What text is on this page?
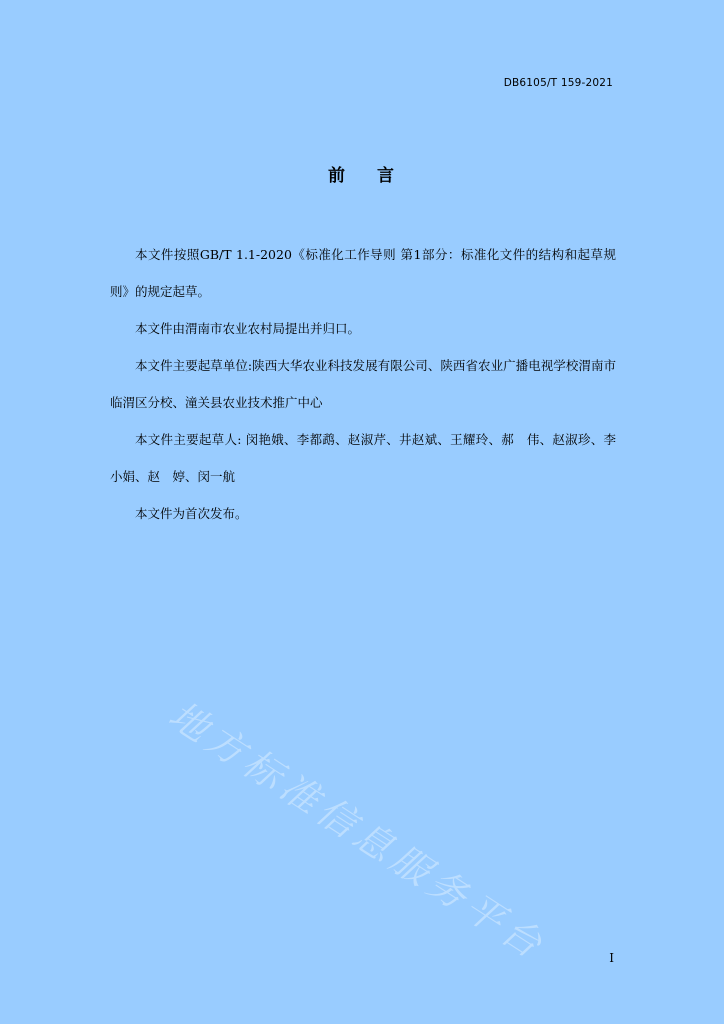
DB6105/T 159-2021
前 言

本文件按照GB/T 1.1-2020《标准化工作导则 第1部分：标准化文件的结构和起草规则》的规定起草。

本文件由渭南市农业农村局提出并归口。

本文件主要起草单位:陕西大华农业科技发展有限公司、陕西省农业广播电视学校渭南市临渭区分校、潼关县农业技术推广中心

本文件主要起草人: 闵艳娥、李都鹉、赵淑芹、井赵斌、王耀玲、郝　伟、赵淑珍、李小娟、赵　婷、闵一航

本文件为首次发布。

地方标准信息服务平台	I
